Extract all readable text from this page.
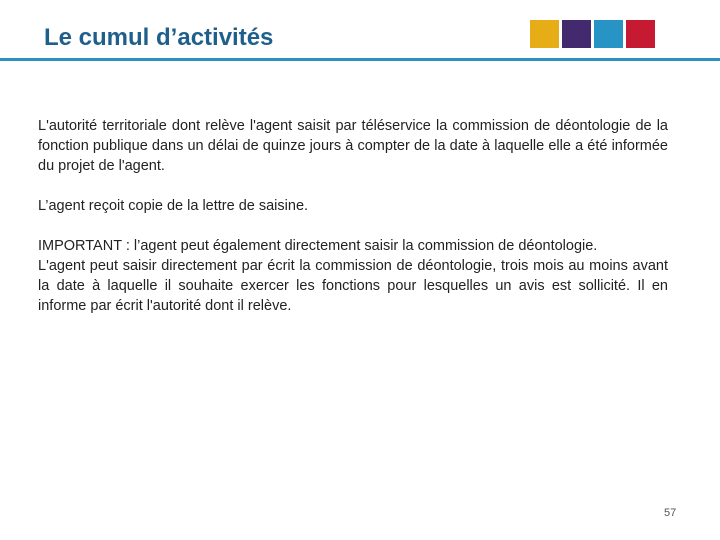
Le cumul d’activités

L'autorité territoriale dont relève l'agent saisit par téléservice la commission de déontologie de la fonction publique dans un délai de quinze jours à compter de la date à laquelle elle a été informée du projet de l'agent.

L’agent reçoit copie de la lettre de saisine.

IMPORTANT : l’agent peut également directement saisir la commission de déontologie.

L'agent peut saisir directement par écrit la commission de déontologie, trois mois au moins avant la date à laquelle il souhaite exercer les fonctions pour lesquelles un avis est sollicité. Il en informe par écrit l'autorité dont il relève.

57
